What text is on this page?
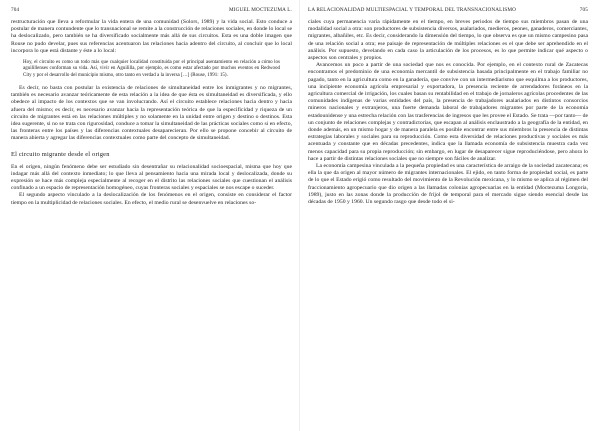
704	MIGUEL MOCTEZUMA L.

restructuración que lleva a reformular la vida entera de una comunidad (Solors, 1989) y la vida social. Esto conduce a postular de manera contundente que lo transnacional se remite a la construcción de relaciones sociales, en donde lo local se ha deslocalizado, pero también se ha diversificado socialmente más allá de sus circuitos. Esta es una doble imagen que Rouse no pudo develar, pues sus referencias acentuaron las relaciones hacia adentro del circuito, al concluir que lo local incorpora lo que está distante y éste a lo local:

Hoy, el circuito es como un todo más que cualquier localidad constituida por el principal asentamiento en relación a cómo los aguilillenses conforman su vida. Así, vivir en Aguililla, por ejemplo, es como estar afectado por muchos eventos en Redwood City y por el desarrollo del municipio mismo, otro tanto en verdad a la inversa […] (Rouse, 1991: 15).

Es decir, no basta con postular la existencia de relaciones de simultaneidad entre los inmigrantes y no migrantes, también es necesario avanzar teóricamente de esta relación a la idea de que ésta es simultaneidad es diversificada, y ello obedece al impacto de los contextos que se van involucrando. Así el circuito establece relaciones hacia dentro y hacia afuera del mismo; es decir, es necesario avanzar hacia la representación teórica de que la especificidad y riqueza de un circuito de migrantes está en las relaciones múltiples y no solamente en la unidad entre origen y destino o destinos. Esta idea sugerente, si no se trata con rigurosidad, conduce a tomar la simultaneidad de las prácticas sociales como si en efecto, las fronteras entre los países y las diferencias contextuales desaparecieran. Por ello se propone concebir al circuito de manera abierta y agregar las diferencias contextuales como parte del concepto de simultaneidad.

El circuito migrante desde el origen

En el origen, ningún fenómeno debe ser estudiado sin desentrañar su relacionalidad socioespacial, misma que hoy que indagar más allá del contexto inmediato; lo que lleva al pensamiento hacia una mirada local y deslocalizada, donde su expresión se hace más compleja especialmente al recoger en el distrito las relaciones sociales que cuestionan el análisis confinado a un espacio de representación homogéneo, cuyas fronteras sociales y espaciales se nos escape o suceder.

El segundo aspecto vinculado a la deslocalización de los fenómenos en el origen, consiste en considerar el factor tiempo en la multiplicidad de relaciones sociales. En efecto, el medio rural se desenvuelve en relaciones so-

LA RELACIONALIDAD MULTIESPACIAL Y TEMPORAL DEL TRANSNACIONALISMO	705

ciales cuya permanencia varía rápidamente en el tiempo, en breves periodos de tiempo sus miembros pasan de una modalidad social a otra: son productores de subsistencia diversos, asalariados, medieros, peones, ganaderos, comerciantes, migrantes, albañiles, etc. Es decir, considerando la dimensión del tiempo, lo que observa es que un mismo campesino pasa de una relación social a otra; ese paisaje de representación de múltiples relaciones es el que debe ser aprehendido en el análisis. Por supuesto, develando en cada caso la articulación de los procesos, es lo que permite indicar qué aspecto o aspectos son centrales y propios.

Avancemos un poco a partir de una sociedad que nos es conocida. Por ejemplo, en el contexto rural de Zacatecas encontramos el predominio de una economía mercantil de subsistencia basada principalmente en el trabajo familiar no pagado, tanto en la agricultura como en la ganadería, que convive con un intermediarismo que esquilma a los productores, una incipiente economía agrícola empresarial y exportadora, la presencia reciente de arrendadores foráneos en la agricultura comercial de irrigación, los cuales basan su rentabilidad en el trabajo de jornaleros agrícolas procedentes de las comunidades indígenas de varias entidades del país, la presencia de trabajadores asalariados en distintos consorcios mineros nacionales y extranjeros, una fuerte demanda laboral de trabajadores migrantes por parte de la economía estadounidense y una estrecha relación con las trasferencias de ingresos que les provee el Estado. Se trata —por tanto— de un conjunto de relaciones complejas y contradictorias, que escapan al análisis enclaustrado a la geografía de la entidad, en donde además, en un mismo hogar y de manera paralela es posible encontrar entre sus miembros la presencia de distintas estrategias laborales y sociales para su reproducción. Como esta diversidad de relaciones productivas y sociales es más acentuada y constante que en décadas precedentes, indica que la llamada economía de subsistencia muestra cada vez menos capacidad para su propia reproducción; sin embargo, en lugar de desaparecer sigue reproduciéndose, pero ahora lo hace a partir de distintas relaciones sociales que no siempre son fáciles de analizar.

La economía campesina vinculada a la pequeña propiedad es una característica de arraigo de la sociedad zacatecana; es ella la que da origen al mayor número de migrantes internacionales. El ejido, en tanto forma de propiedad social, es parte de lo que el Estado erigió como resultado del movimiento de la Revolución mexicana, y lo mismo se aplica al régimen del fraccionamiento agropecuario que dio origen a las llamadas colonias agropecuarias en la entidad (Moctezuma Longoria, 1989), justo en las zonas donde la producción de frijol de temporal para el mercado sigue siendo esencial desde las décadas de 1950 y 1960. Un segundo rasgo que desde todo el si-
